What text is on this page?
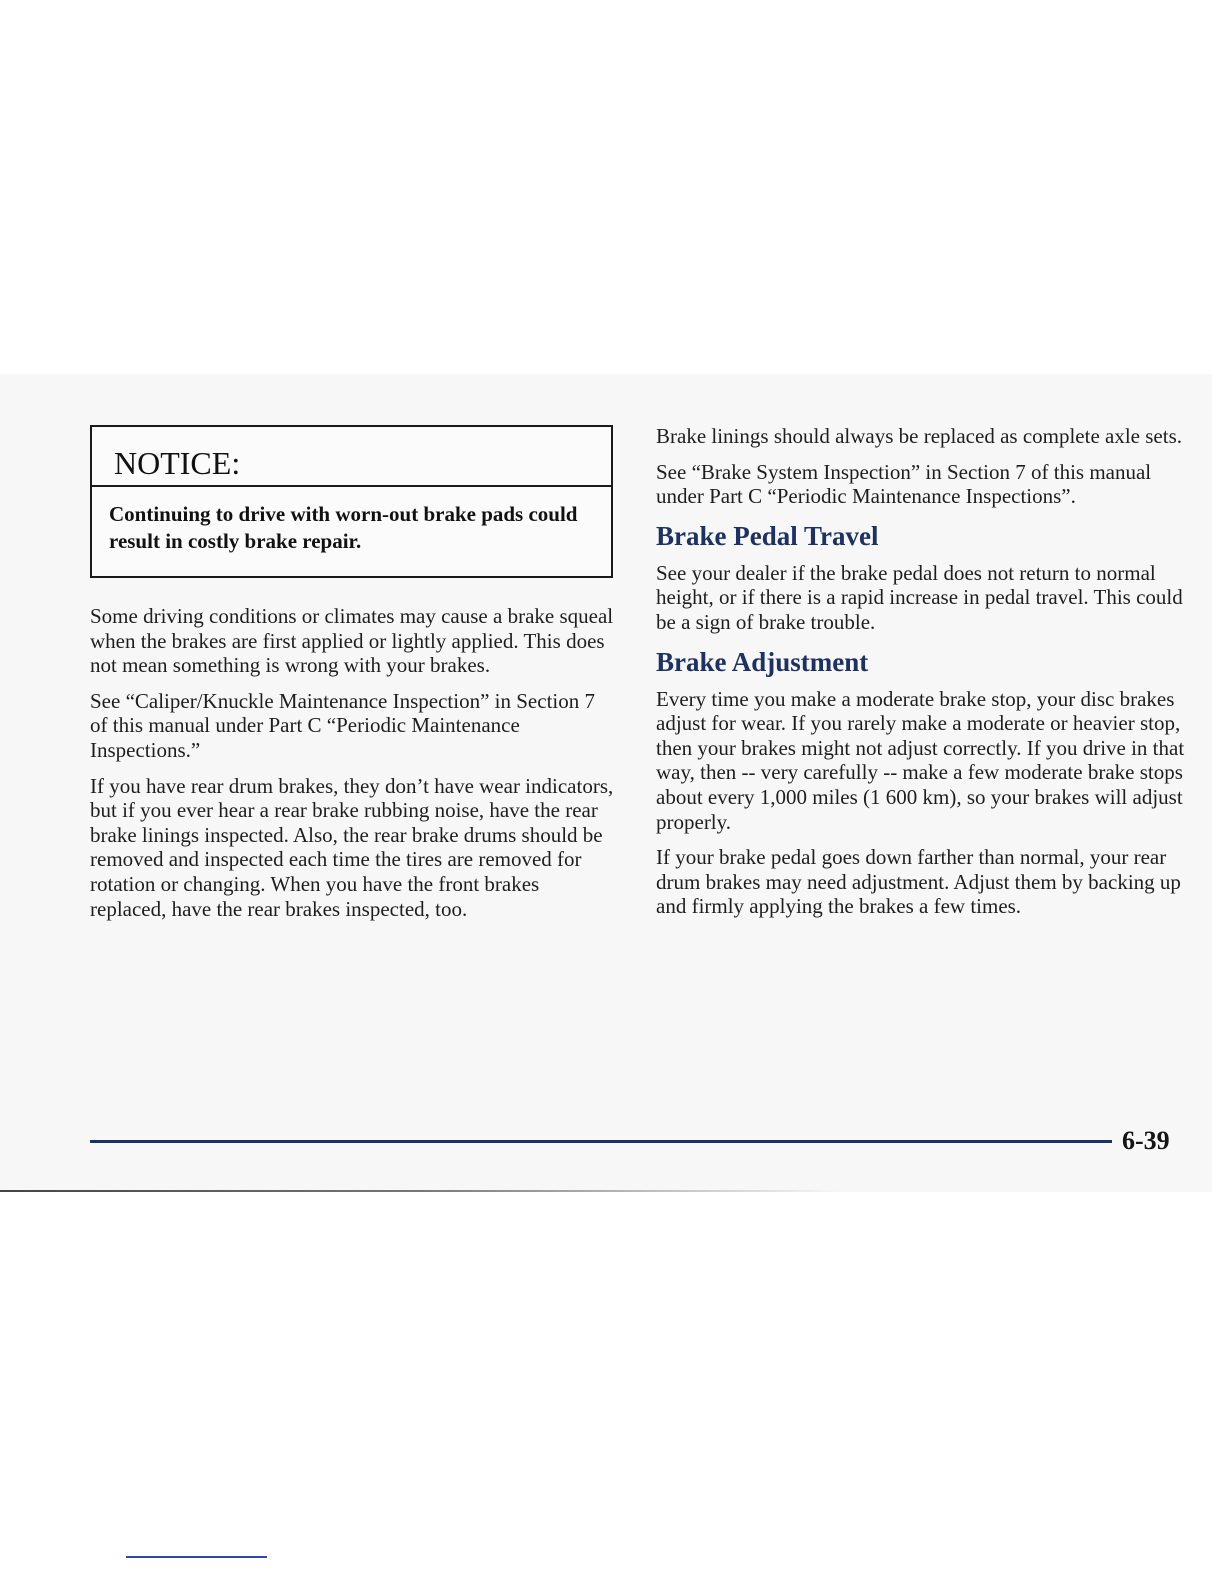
NOTICE:
Continuing to drive with worn-out brake pads could result in costly brake repair.

Some driving conditions or climates may cause a brake squeal when the brakes are first applied or lightly applied. This does not mean something is wrong with your brakes.

See “Caliper/Knuckle Maintenance Inspection” in Section 7 of this manual under Part C “Periodic Maintenance Inspections.”

If you have rear drum brakes, they don’t have wear indicators, but if you ever hear a rear brake rubbing noise, have the rear brake linings inspected. Also, the rear brake drums should be removed and inspected each time the tires are removed for rotation or changing. When you have the front brakes replaced, have the rear brakes inspected, too.

Brake linings should always be replaced as complete axle sets.

See “Brake System Inspection” in Section 7 of this manual under Part C “Periodic Maintenance Inspections”.

Brake Pedal Travel

See your dealer if the brake pedal does not return to normal height, or if there is a rapid increase in pedal travel. This could be a sign of brake trouble.

Brake Adjustment

Every time you make a moderate brake stop, your disc brakes adjust for wear. If you rarely make a moderate or heavier stop, then your brakes might not adjust correctly. If you drive in that way, then -- very carefully -- make a few moderate brake stops about every 1,000 miles (1 600 km), so your brakes will adjust properly.

If your brake pedal goes down farther than normal, your rear drum brakes may need adjustment. Adjust them by backing up and firmly applying the brakes a few times.

6-39
